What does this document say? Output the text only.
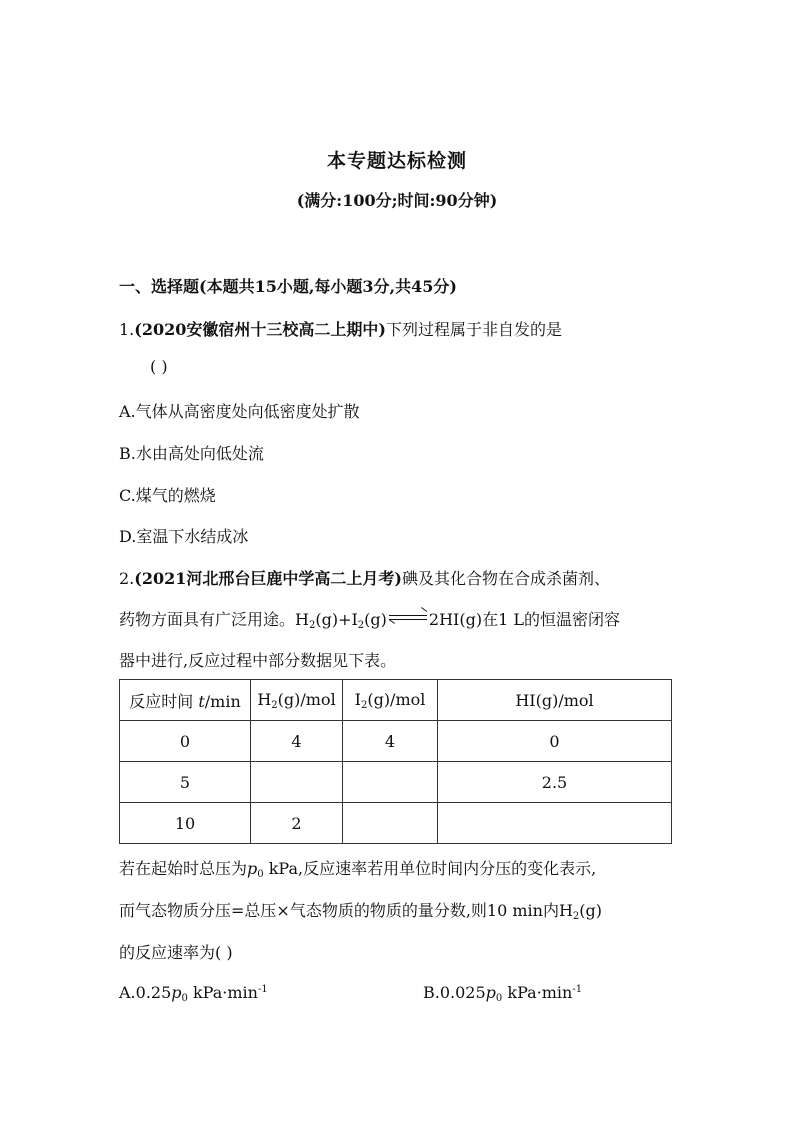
本专题达标检测
(满分:100分;时间:90分钟)
一、选择题(本题共15小题,每小题3分,共45分)
1.(2020安徽宿州十三校高二上期中)下列过程属于非自发的是
( )
A.气体从高密度处向低密度处扩散
B.水由高处向低处流
C.煤气的燃烧
D.室温下水结成冰
2.(2021河北邢台巨鹿中学高二上月考)碘及其化合物在合成杀菌剂、
药物方面具有广泛用途。$H_2(g)+I_2(g)$	2HI(g)在1 L的恒温密闭容
器中进行,反应过程中部分数据见下表。
反应时间 t/min	$H_2(g)$/mol	$I_2(g)$/mol	HI(g)/mol
0	4	4	0
5			2.5
10	2		
若在起始时总压为$p_0$ kPa,反应速率若用单位时间内分压的变化表示,
而气态物质分压=总压×气态物质的物质的量分数,则10 min内$H_2(g)$
的反应速率为( )
$A.0.25p_0$ $kPa\cdot\min^{-1}$	$B.0.025p_0$ $kPa\cdot\min^{-1}$
